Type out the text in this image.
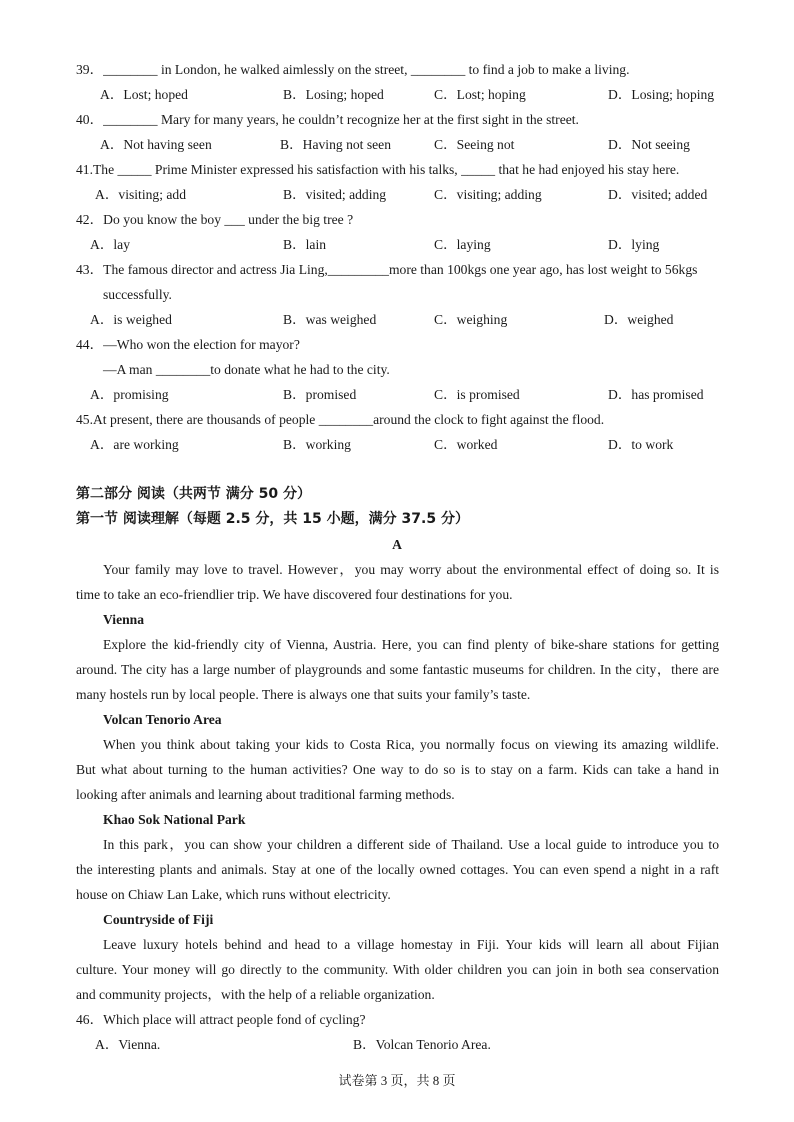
39．________ in London, he walked aimlessly on the street, ________ to find a job to make a living.
A．Lost; hoped	B．Losing; hoped	C．Lost; hoping	D．Losing; hoping
40．________ Mary for many years, he couldn’t recognize her at the first sight in the street.
A．Not having seen	B．Having not seen	C．Seeing not	D．Not seeing
41.The _____ Prime Minister expressed his satisfaction with his talks, _____ that he had enjoyed his stay here.
A．visiting; add	B．visited; adding	C．visiting; adding	D．visited; added
42．Do you know the boy ___ under the big tree ?
A．lay	B．lain	C．laying	D．lying
43．The famous director and actress Jia Ling,_________more than 100kgs one year ago, has lost weight to 56kgs
successfully.
A．is weighed	B．was weighed	C．weighing	D．weighed
44．—Who won the election for mayor?
—A man ________to donate what he had to the city.
A．promising	B．promised	C．is promised	D．has promised
45.At present, there are thousands of people ________around the clock to fight against the flood.
A．are working	B．working	C．worked	D．to work
第二部分 阅读（共两节 满分 50 分）
第一节 阅读理解（每题 2.5 分，共 15 小题，满分 37.5 分）
A
Your family may love to travel. However，you may worry about the environmental effect of doing so. It is
time to take an eco-friendlier trip. We have discovered four destinations for you.
Vienna
Explore the kid-friendly city of Vienna, Austria. Here, you can find plenty of bike-share stations for getting
around. The city has a large number of playgrounds and some fantastic museums for children. In the city，there are
many hostels run by local people. There is always one that suits your family’s taste.
Volcan Tenorio Area
When you think about taking your kids to Costa Rica, you normally focus on viewing its amazing wildlife.
But what about turning to the human activities? One way to do so is to stay on a farm. Kids can take a hand in
looking after animals and learning about traditional farming methods.
Khao Sok National Park
In this park，you can show your children a different side of Thailand. Use a local guide to introduce you to
the interesting plants and animals. Stay at one of the locally owned cottages. You can even spend a night in a raft
house on Chiaw Lan Lake, which runs without electricity.
Countryside of Fiji
Leave luxury hotels behind and head to a village homestay in Fiji. Your kids will learn all about Fijian
culture. Your money will go directly to the community. With older children you can join in both sea conservation
and community projects，with the help of a reliable organization.
46．Which place will attract people fond of cycling?
A．Vienna.	B．Volcan Tenorio Area.
试卷第 3 页，共 8 页
